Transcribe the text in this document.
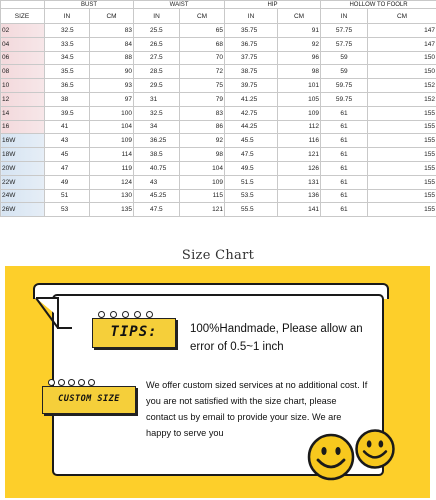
	BUST		WAIST		HIP		HOLLOW TO FOOLR	
SIZE	IN	CM	IN	CM	IN	CM	IN	CM
02	32.5	83	25.5	65	35.75	91	57.75	147
04	33.5	84	26.5	68	36.75	92	57.75	147
06	34.5	88	27.5	70	37.75	96	59	150
08	35.5	90	28.5	72	38.75	98	59	150
10	36.5	93	29.5	75	39.75	101	59.75	152
12	38	97	31	79	41.25	105	59.75	152
14	39.5	100	32.5	83	42.75	109	61	155
16	41	104	34	86	44.25	112	61	155
16W	43	109	36.25	92	45.5	116	61	155
18W	45	114	38.5	98	47.5	121	61	155
20W	47	119	40.75	104	49.5	126	61	155
22W	49	124	43	109	51.5	131	61	155
24W	51	130	45.25	115	53.5	136	61	155
26W	53	135	47.5	121	55.5	141	61	155
Size Chart
TIPS:	100%Handmade, Please allow an error of 0.5~1 inch
CUSTOM SIZE
We offer custom sized services at no additional cost. If you are not satisfied with the size chart, please contact us by email to provide your size. We are happy to serve you
